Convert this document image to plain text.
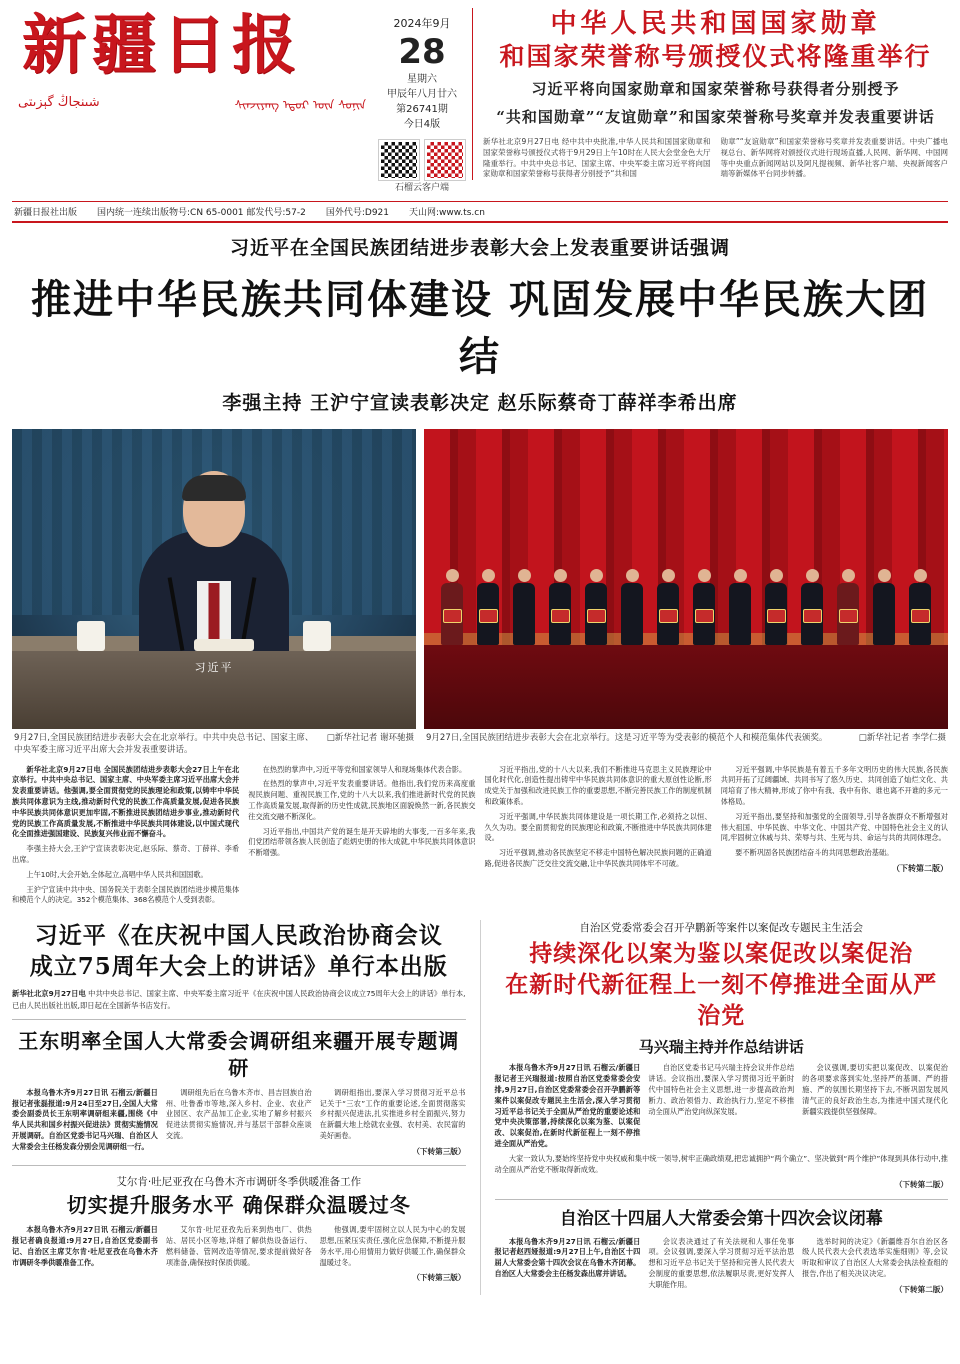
新疆日报
شىنجاڭ گېزىتى	ᠰᠢᠨᠵᠢᠶᠠᠩ ᠡᠳᠦᠷ ᠦᠨ ᠰᠣᠨᠢᠨ
2024年9月
28
星期六
甲辰年八月廿六
第26741期
今日4版
石榴云客户端
中华人民共和国国家勋章
和国家荣誉称号颁授仪式将隆重举行
习近平将向国家勋章和国家荣誉称号获得者分别授予
“共和国勋章”“友谊勋章”和国家荣誉称号奖章并发表重要讲话
新华社北京9月27日电 经中共中央批准,中华人民共和国国家勋章和国家荣誉称号颁授仪式将于9月29日上午10时在人民大会堂金色大厅隆重举行。中共中央总书记、国家主席、中央军委主席习近平将向国家勋章和国家荣誉称号获得者分别授予“共和国
勋章”“友谊勋章”和国家荣誉称号奖章并发表重要讲话。中央广播电视总台、新华网将对颁授仪式进行现场直播,人民网、新华网、中国网等中央重点新闻网站以及阿凡提视频、新华社客户端、央视新闻客户端等新媒体平台同步转播。
新疆日报社出版 国内统一连续出版物号:CN 65-0001 邮发代号:57-2 国外代号:D921 天山网:www.ts.cn
习近平在全国民族团结进步表彰大会上发表重要讲话强调
推进中华民族共同体建设 巩固发展中华民族大团结
李强主持 王沪宁宣读表彰决定 赵乐际蔡奇丁薛祥李希出席
习近平
9月27日,全国民族团结进步表彰大会在北京举行。中共中央总书记、国家主席、中央军委主席习近平出席大会并发表重要讲话。
□新华社记者 谢环驰摄 9月27日,全国民族团结进步表彰大会在北京举行。这是习近平等为受表彰的模范个人和模范集体代表颁奖。	□新华社记者 李学仁摄

新华社北京9月27日电 全国民族团结进步表彰大会27日上午在北京举行。中共中央总书记、国家主席、中央军委主席习近平出席大会并发表重要讲话。他强调,要全面贯彻党的民族理论和政策,以铸牢中华民族共同体意识为主线,推动新时代党的民族工作高质量发展,促进各民族中华民族共同体意识更加牢固,不断推进民族团结进步事业,推动新时代党的民族工作高质量发展,不断推进中华民族共同体建设,以中国式现代化全面推进强国建设、民族复兴伟业而不懈奋斗。

李强主持大会,王沪宁宣读表彰决定,赵乐际、蔡奇、丁薛祥、李希出席。

上午10时,大会开始,全体起立,高唱中华人民共和国国歌。

王沪宁宣读中共中央、国务院关于表彰全国民族团结进步模范集体和模范个人的决定。352个模范集体、368名模范个人受到表彰。

在热烈的掌声中,习近平等党和国家领导人和现场集体代表合影。

在热烈的掌声中,习近平发表重要讲话。他指出,我们党历来高度重视民族问题、重视民族工作,党的十八大以来,我们推进新时代党的民族工作高质量发展,取得新的历史性成就,民族地区面貌焕然一新,各民族交往交流交融不断深化。

习近平指出,中国共产党的诞生是开天辟地的大事变,一百多年来,我们党团结带领各族人民创造了彪炳史册的伟大成就,中华民族共同体意识不断增强。

习近平指出,党的十八大以来,我们不断推进马克思主义民族理论中国化时代化,创造性提出铸牢中华民族共同体意识的重大原创性论断,形成党关于加强和改进民族工作的重要思想,不断完善民族工作的制度机制和政策体系。

习近平强调,中华民族共同体建设是一项长期工作,必须持之以恒、久久为功。要全面贯彻党的民族理论和政策,不断推进中华民族共同体建设。

习近平强调,推动各民族坚定不移走中国特色解决民族问题的正确道路,促进各民族广泛交往交流交融,让中华民族共同体牢不可破。

习近平强调,中华民族是有着五千多年文明历史的伟大民族,各民族共同开拓了辽阔疆域、共同书写了悠久历史、共同创造了灿烂文化、共同培育了伟大精神,形成了你中有我、我中有你、谁也离不开谁的多元一体格局。

习近平指出,要坚持和加强党的全面领导,引导各族群众不断增强对伟大祖国、中华民族、中华文化、中国共产党、中国特色社会主义的认同,牢固树立休戚与共、荣辱与共、生死与共、命运与共的共同体理念。

要不断巩固各民族团结奋斗的共同思想政治基础。

（下转第二版）
习近平《在庆祝中国人民政治协商会议
成立75周年大会上的讲话》单行本出版
新华社北京9月27日电 中共中央总书记、国家主席、中央军委主席习近平《在庆祝中国人民政治协商会议成立75周年大会上的讲话》单行本,已由人民出版社出版,即日起在全国新华书店发行。
王东明率全国人大常委会调研组来疆开展专题调研

本报乌鲁木齐9月27日讯 石榴云/新疆日报记者张磊报道:9月24日至27日,全国人大常委会副委员长王东明率调研组来疆,围绕《中华人民共和国乡村振兴促进法》贯彻实施情况开展调研。自治区党委书记马兴瑞、自治区人大常委会主任杨发森分别会见调研组一行。

调研组先后在乌鲁木齐市、昌吉回族自治州、吐鲁番市等地,深入乡村、企业、农业产业园区、农产品加工企业,实地了解乡村振兴促进法贯彻实施情况,并与基层干部群众座谈交流。

调研组指出,要深入学习贯彻习近平总书记关于“三农”工作的重要论述,全面贯彻落实乡村振兴促进法,扎实推进乡村全面振兴,努力在新疆大地上绘就农业强、农村美、农民富的美好画卷。

（下转第三版）
艾尔肯·吐尼亚孜在乌鲁木齐市调研冬季供暖准备工作
切实提升服务水平 确保群众温暖过冬

本报乌鲁木齐9月27日讯 石榴云/新疆日报记者确良报道:9月27日,自治区党委副书记、自治区主席艾尔肯·吐尼亚孜在乌鲁木齐市调研冬季供暖准备工作。

艾尔肯·吐尼亚孜先后来到热电厂、供热站、居民小区等地,详细了解供热设备运行、燃料储备、管网改造等情况,要求提前做好各项准备,确保按时保质供暖。

他强调,要牢固树立以人民为中心的发展思想,压紧压实责任,强化应急保障,不断提升服务水平,用心用情用力做好供暖工作,确保群众温暖过冬。

（下转第三版）
自治区党委常委会召开孕鹏新等案件以案促改专题民主生活会
持续深化以案为鉴以案促改以案促治
在新时代新征程上一刻不停推进全面从严治党
马兴瑞主持并作总结讲话

本报乌鲁木齐9月27日讯 石榴云/新疆日报记者王兴瑞报道:按照自治区党委常委会安排,9月27日,自治区党委常委会召开孕鹏新等案件以案促改专题民主生活会,深入学习贯彻习近平总书记关于全面从严治党的重要论述和党中央决策部署,持续深化以案为鉴、以案促改、以案促治,在新时代新征程上一刻不停推进全面从严治党。

自治区党委书记马兴瑞主持会议并作总结讲话。会议指出,要深入学习贯彻习近平新时代中国特色社会主义思想,进一步提高政治判断力、政治领悟力、政治执行力,坚定不移推动全面从严治党向纵深发展。

会议强调,要切实把以案促改、以案促治的各项要求落到实处,坚持严的基调、严的措施、严的氛围长期坚持下去,不断巩固发展风清气正的良好政治生态,为推进中国式现代化新疆实践提供坚强保障。

大家一致认为,要始终坚持党中央权威和集中统一领导,树牢正确政绩观,把忠诚拥护“两个确立”、坚决做到“两个维护”体现到具体行动中,推动全面从严治党不断取得新成效。

（下转第二版）
自治区十四届人大常委会第十四次会议闭幕

本报乌鲁木齐9月27日讯 石榴云/新疆日报记者赵西娅报道:9月27日上午,自治区十四届人大常委会第十四次会议在乌鲁木齐闭幕。自治区人大常委会主任杨发森出席并讲话。

会议表决通过了有关法规和人事任免事项。会议强调,要深入学习贯彻习近平法治思想和习近平总书记关于坚持和完善人民代表大会制度的重要思想,依法履职尽责,更好发挥人大职能作用。

选举时间的决定》《新疆维吾尔自治区各级人民代表大会代表选举实施细则》等,会议听取和审议了自治区人大常委会执法检查组的报告,作出了相关决议决定。

（下转第二版）
